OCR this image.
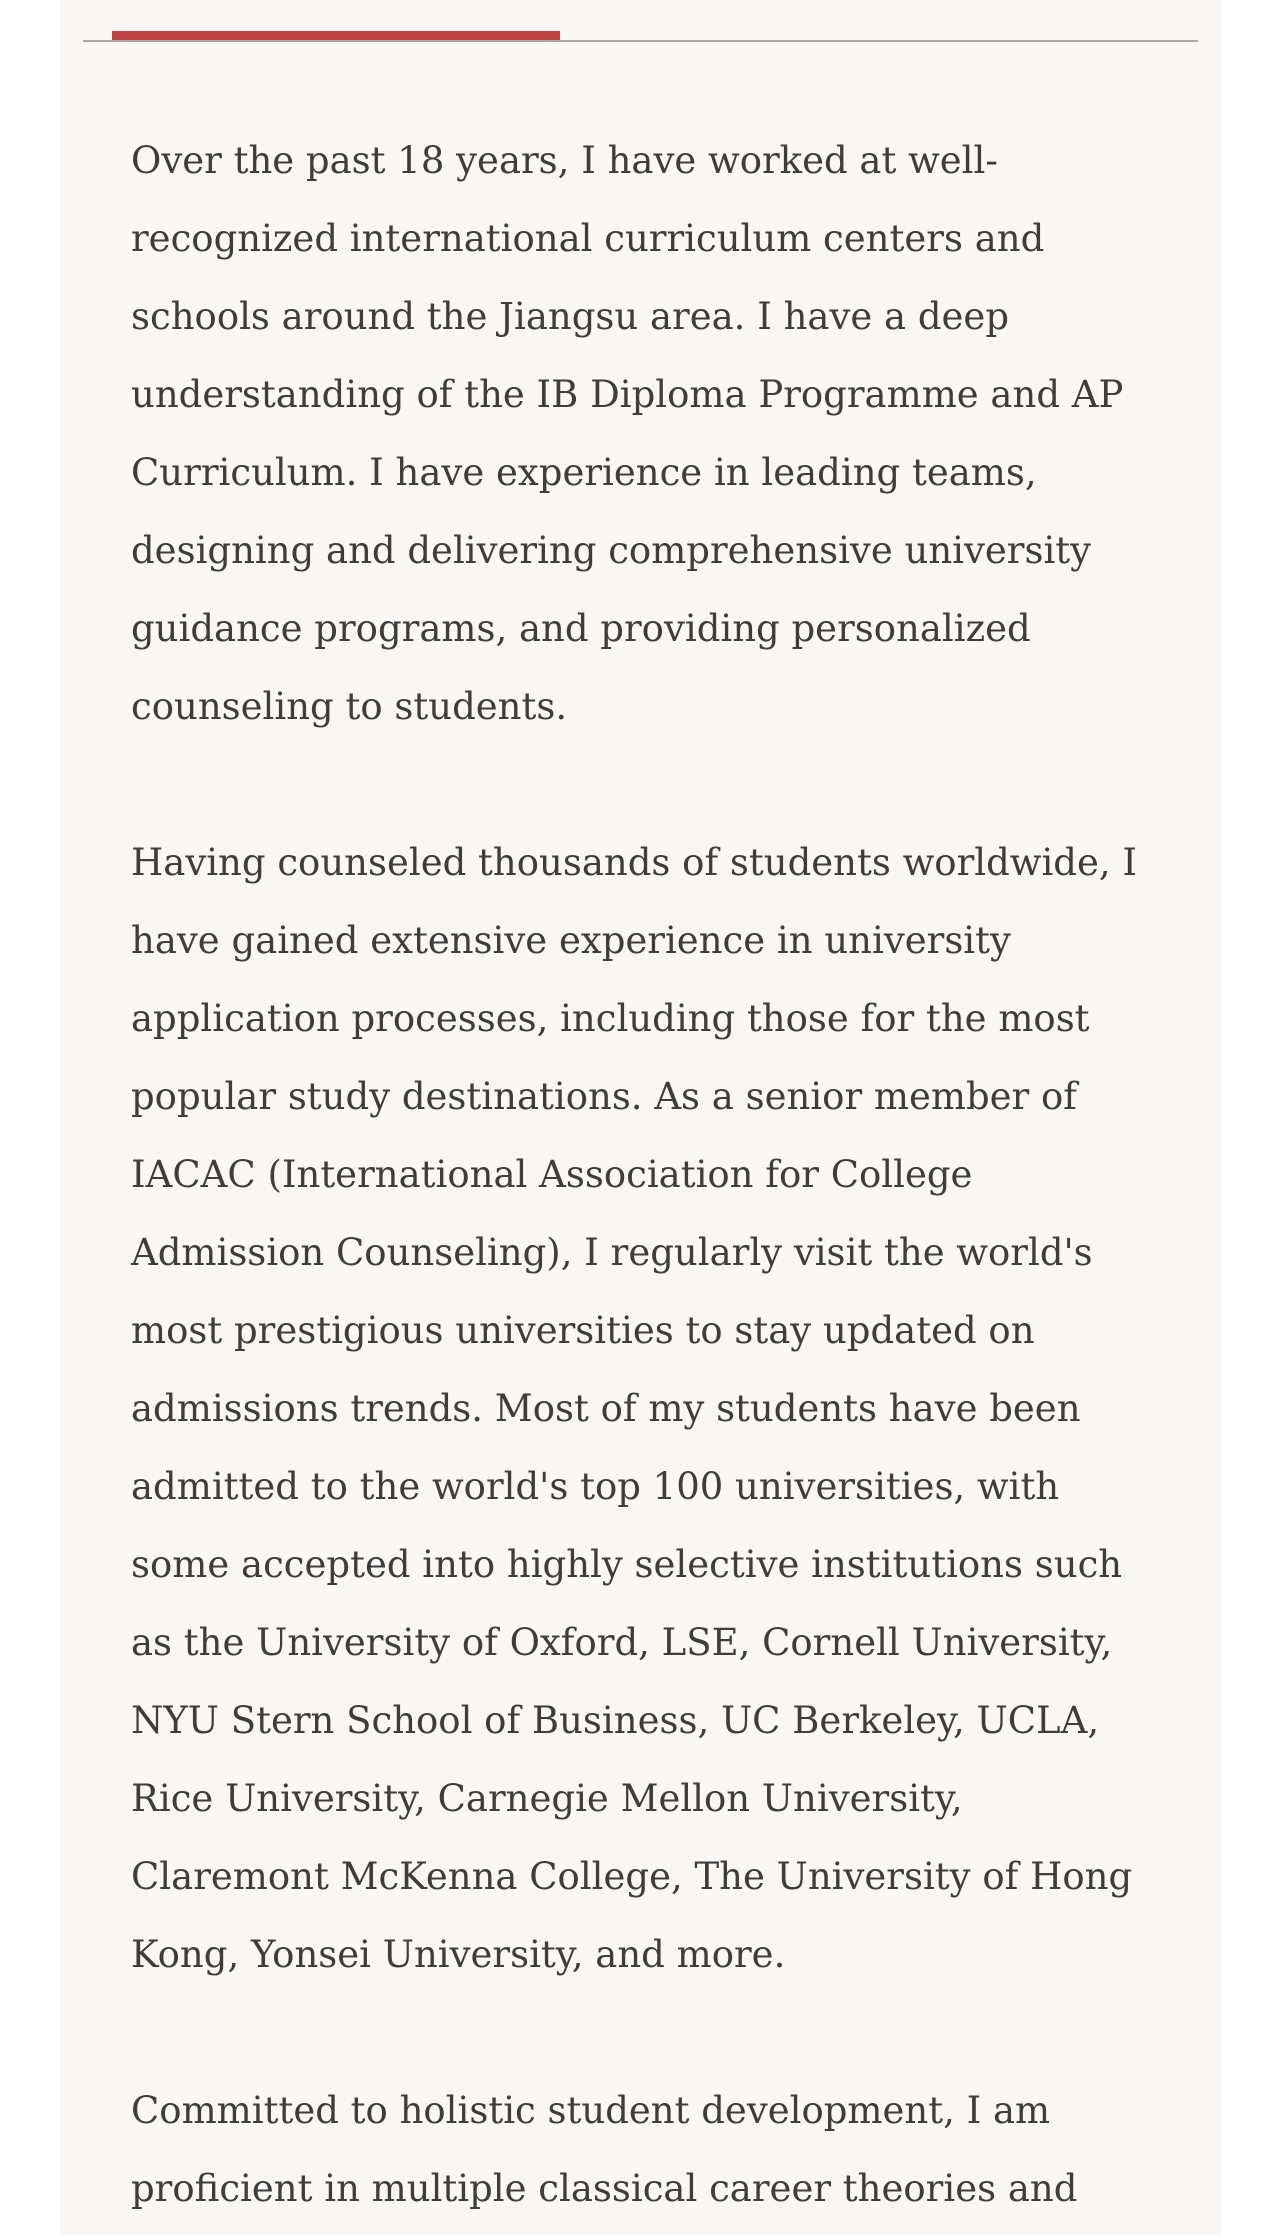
Over the past 18 years, I have worked at well-recognized international curriculum centers and schools around the Jiangsu area. I have a deep understanding of the IB Diploma Programme and AP Curriculum. I have experience in leading teams, designing and delivering comprehensive university guidance programs, and providing personalized counseling to students.

Having counseled thousands of students worldwide, I have gained extensive experience in university application processes, including those for the most popular study destinations. As a senior member of IACAC (International Association for College Admission Counseling), I regularly visit the world's most prestigious universities to stay updated on admissions trends. Most of my students have been admitted to the world's top 100 universities, with some accepted into highly selective institutions such as the University of Oxford, LSE, Cornell University, NYU Stern School of Business, UC Berkeley, UCLA, Rice University, Carnegie Mellon University, Claremont McKenna College, The University of Hong Kong, Yonsei University, and more.

Committed to holistic student development, I am proficient in multiple classical career theories and
